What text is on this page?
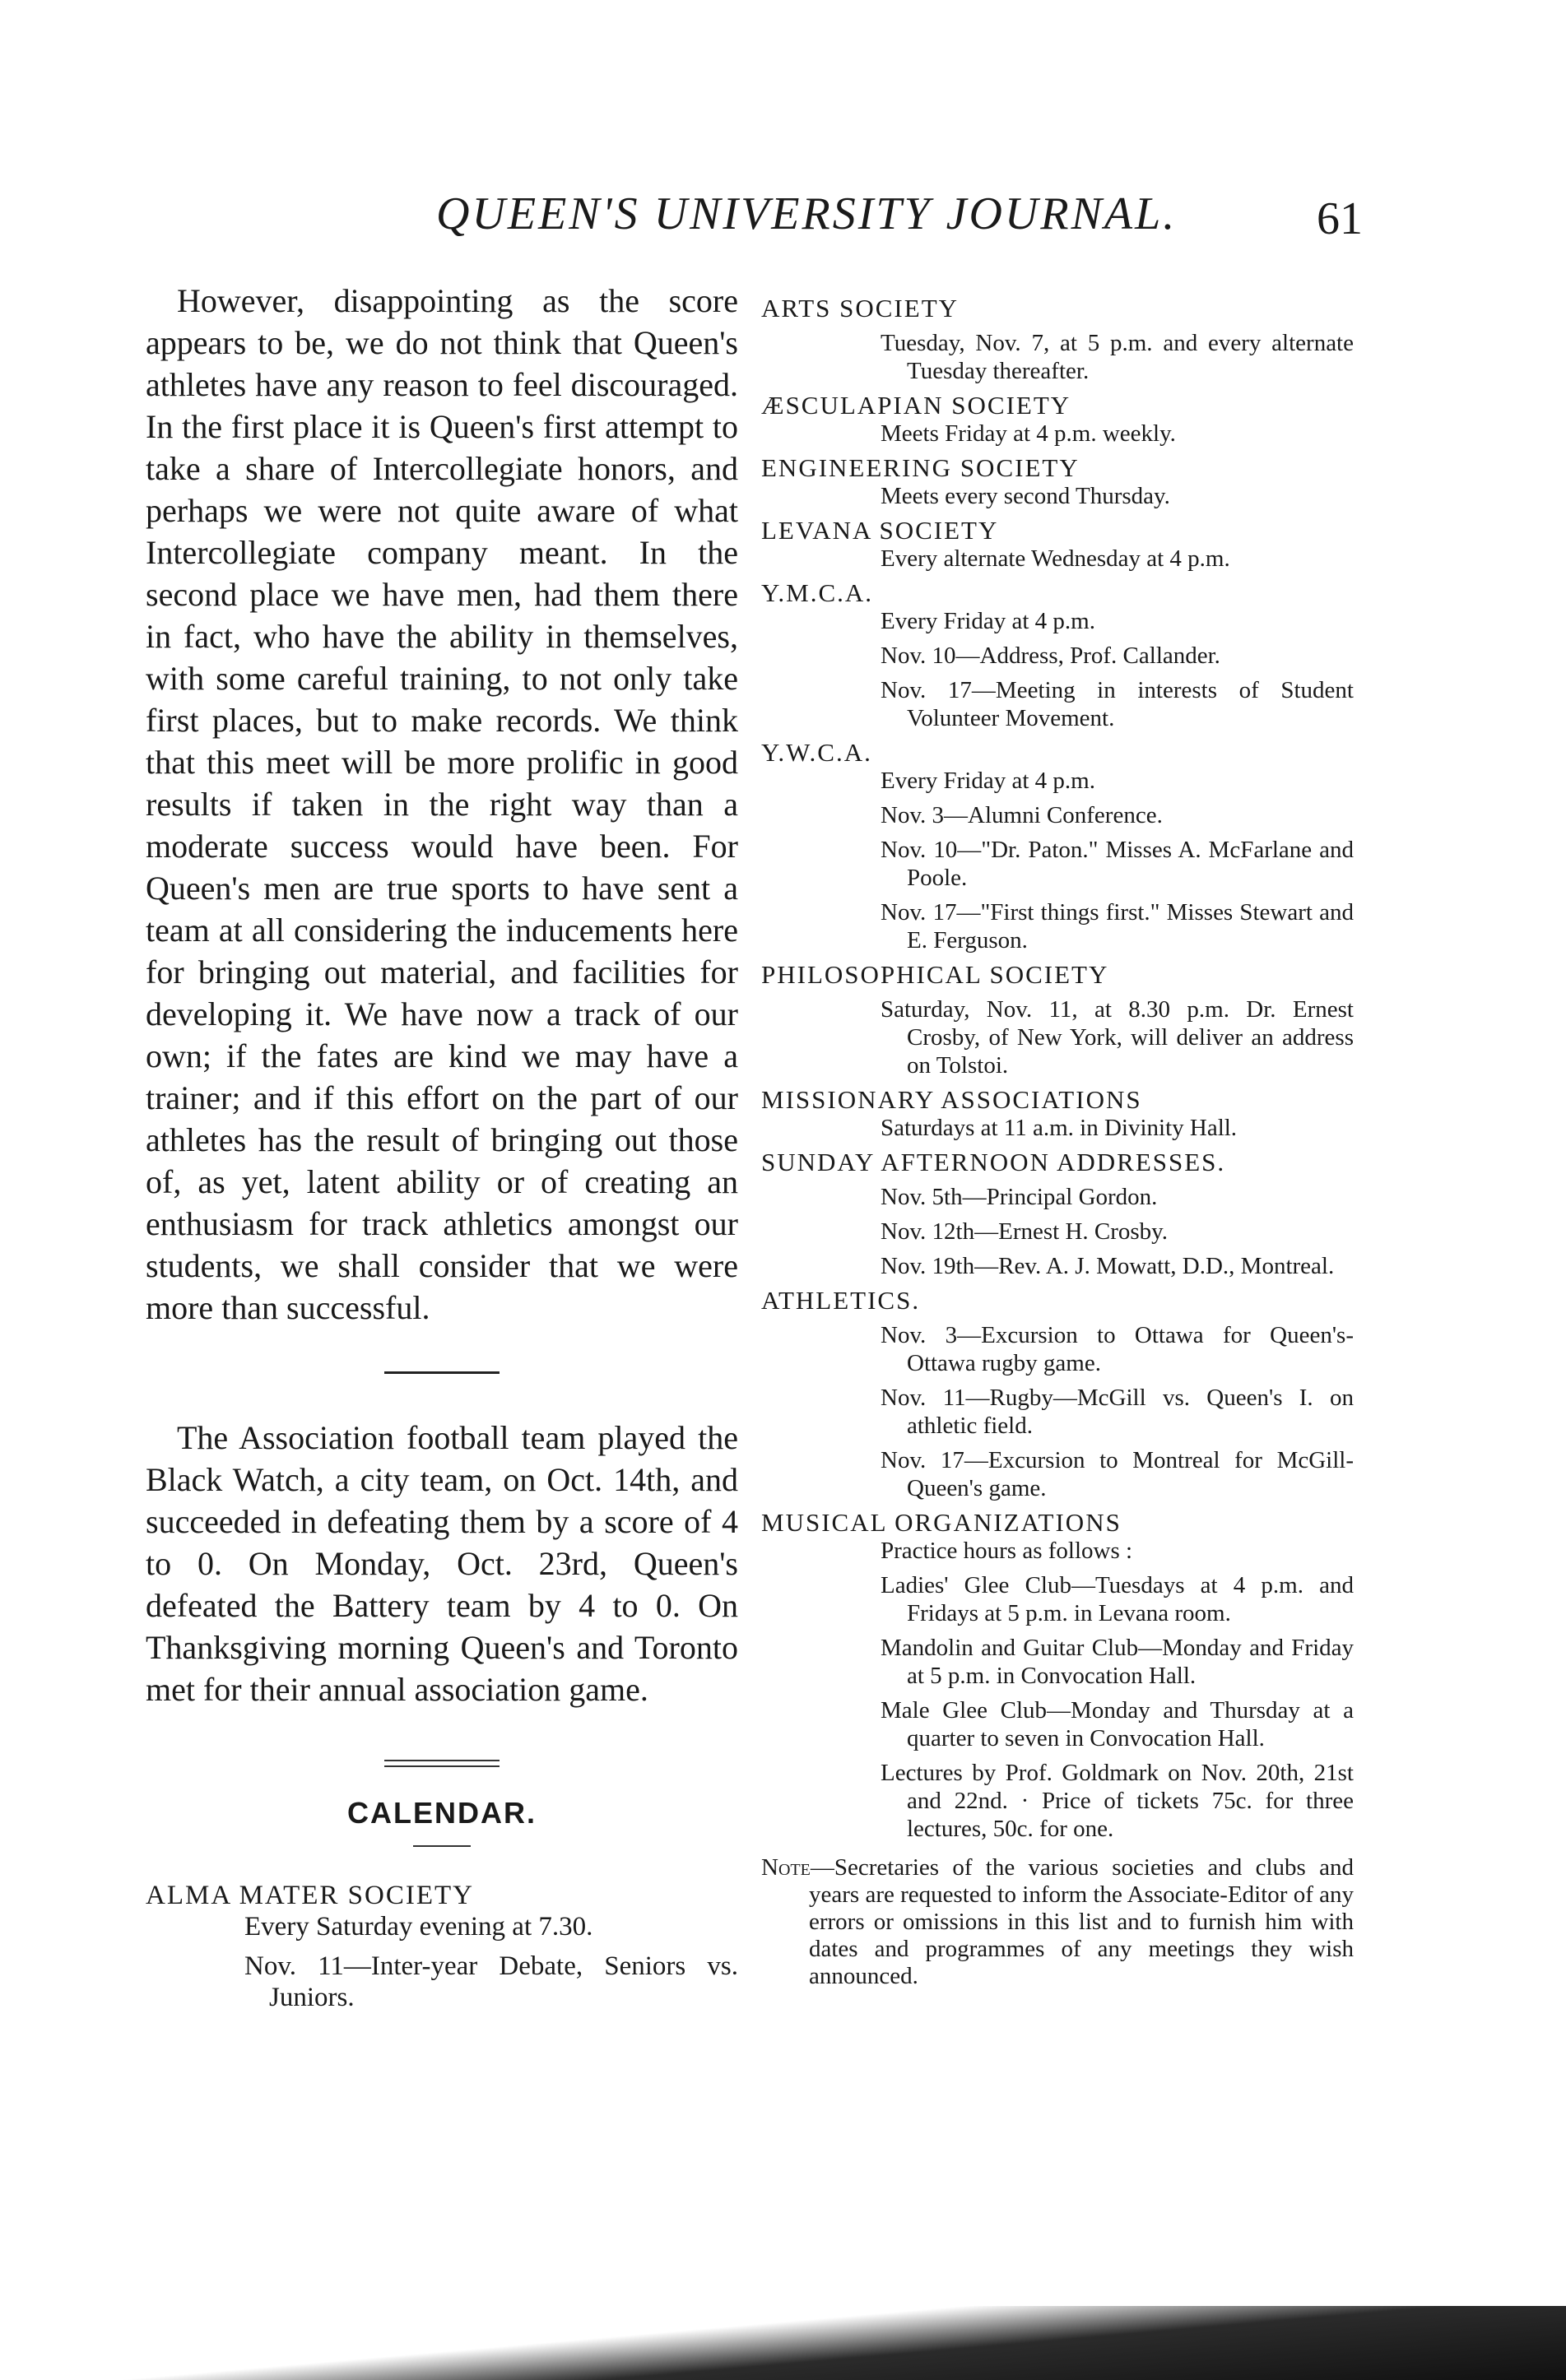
QUEEN'S UNIVERSITY JOURNAL.	61

However, disappointing as the score appears to be, we do not think that Queen's athletes have any reason to feel discouraged. In the first place it is Queen's first attempt to take a share of Intercollegiate honors, and perhaps we were not quite aware of what Intercollegiate company meant. In the second place we have men, had them there in fact, who have the ability in themselves, with some careful training, to not only take first places, but to make records. We think that this meet will be more prolific in good results if taken in the right way than a moderate success would have been. For Queen's men are true sports to have sent a team at all considering the inducements here for bringing out material, and facilities for developing it. We have now a track of our own; if the fates are kind we may have a trainer; and if this effort on the part of our athletes has the result of bringing out those of, as yet, latent ability or of creating an enthusiasm for track athletics amongst our students, we shall consider that we were more than successful.

The Association football team played the Black Watch, a city team, on Oct. 14th, and succeeded in defeating them by a score of 4 to 0. On Monday, Oct. 23rd, Queen's defeated the Battery team by 4 to 0. On Thanksgiving morning Queen's and Toronto met for their annual association game.

CALENDAR.
ALMA MATER SOCIETY
Every Saturday evening at 7.30.
Nov. 11—Inter-year Debate, Seniors vs. Juniors.
ARTS SOCIETY
Tuesday, Nov. 7, at 5 p.m. and every alternate Tuesday thereafter.
ÆSCULAPIAN SOCIETY
Meets Friday at 4 p.m. weekly.
ENGINEERING SOCIETY
Meets every second Thursday.
LEVANA SOCIETY
Every alternate Wednesday at 4 p.m.
Y.M.C.A.
Every Friday at 4 p.m.
Nov. 10—Address, Prof. Callander.
Nov. 17—Meeting in interests of Student Volunteer Movement.
Y.W.C.A.
Every Friday at 4 p.m.
Nov. 3—Alumni Conference.
Nov. 10—"Dr. Paton." Misses A. McFarlane and Poole.
Nov. 17—"First things first." Misses Stewart and E. Ferguson.
PHILOSOPHICAL SOCIETY
Saturday, Nov. 11, at 8.30 p.m. Dr. Ernest Crosby, of New York, will deliver an address on Tolstoi.
MISSIONARY ASSOCIATIONS
Saturdays at 11 a.m. in Divinity Hall.
SUNDAY AFTERNOON ADDRESSES.
Nov. 5th—Principal Gordon.
Nov. 12th—Ernest H. Crosby.
Nov. 19th—Rev. A. J. Mowatt, D.D., Montreal.
ATHLETICS.
Nov. 3—Excursion to Ottawa for Queen's-Ottawa rugby game.
Nov. 11—Rugby—McGill vs. Queen's I. on athletic field.
Nov. 17—Excursion to Montreal for McGill-Queen's game.
MUSICAL ORGANIZATIONS
Practice hours as follows :
Ladies' Glee Club—Tuesdays at 4 p.m. and Fridays at 5 p.m. in Levana room.
Mandolin and Guitar Club—Monday and Friday at 5 p.m. in Convocation Hall.
Male Glee Club—Monday and Thursday at a quarter to seven in Convocation Hall.
Lectures by Prof. Goldmark on Nov. 20th, 21st and 22nd. · Price of tickets 75c. for three lectures, 50c. for one.
Note—Secretaries of the various societies and clubs and years are requested to inform the Associate-Editor of any errors or omissions in this list and to furnish him with dates and programmes of any meetings they wish announced.
